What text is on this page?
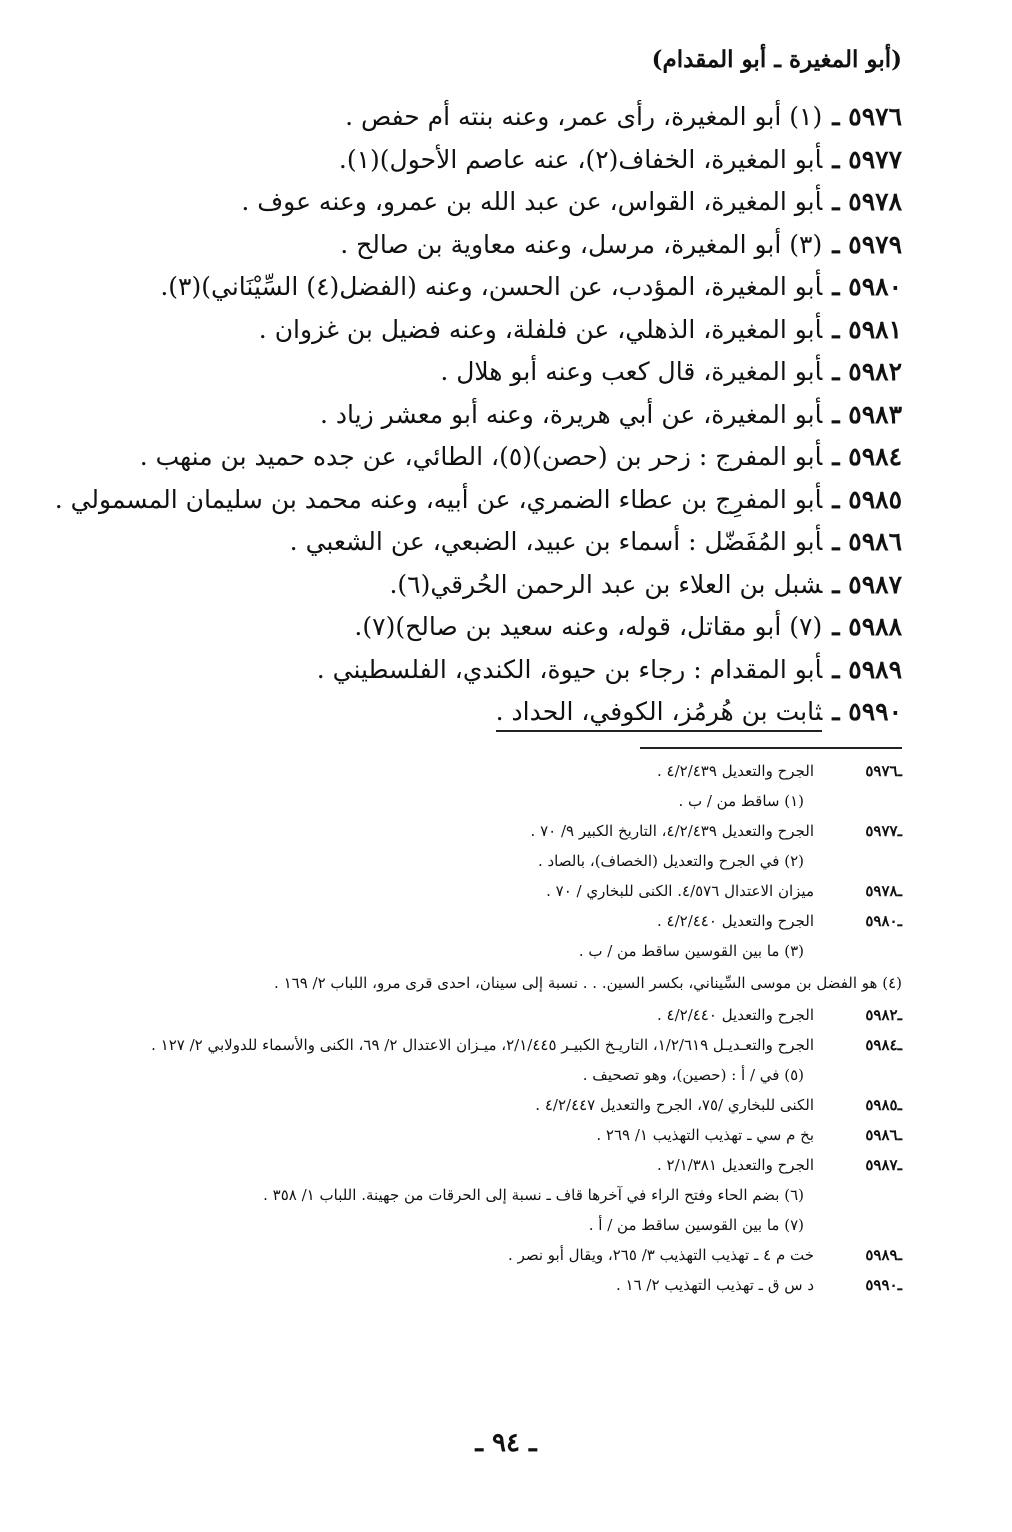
(أبو المغيرة ـ أبو المقدام)
٥٩٧٦ ـ(١) أبو المغيرة، رأى عمر، وعنه بنته أم حفص .
٥٩٧٧ ـأبو المغيرة، الخفاف(٢)، عنه عاصم الأحول)(١).
٥٩٧٨ ـأبو المغيرة، القواس، عن عبد الله بن عمرو، وعنه عوف .
٥٩٧٩ ـ(٣) أبو المغيرة، مرسل، وعنه معاوية بن صالح .
٥٩٨٠ ـأبو المغيرة، المؤدب، عن الحسن، وعنه (الفضل(٤) السِّيْنَاني)(٣).
٥٩٨١ ـأبو المغيرة، الذهلي، عن فلفلة، وعنه فضيل بن غزوان .
٥٩٨٢ ـأبو المغيرة، قال كعب وعنه أبو هلال .
٥٩٨٣ ـأبو المغيرة، عن أبي هريرة، وعنه أبو معشر زياد .
٥٩٨٤ ـأبو المفرج : زحر بن (حصن)(٥)، الطائي، عن جده حميد بن منهب .
٥٩٨٥ ـأبو المفرِج بن عطاء الضمري، عن أبيه، وعنه محمد بن سليمان المسمولي .
٥٩٨٦ ـأبو المُفَضّل : أسماء بن عبيد، الضبعي، عن الشعبي .
٥٩٨٧ ـشبل بن العلاء بن عبد الرحمن الحُرقي(٦).
٥٩٨٨ ـ(٧) أبو مقاتل، قوله، وعنه سعيد بن صالح)(٧).
٥٩٨٩ ـأبو المقدام : رجاء بن حيوة، الكندي، الفلسطيني .
٥٩٩٠ ـثابت بن هُرمُز، الكوفي، الحداد .
ـ٥٩٧٦
الجرح والتعديل ٤/٢/٤٣٩ .
(١) ساقط من / ب .
ـ٥٩٧٧
الجرح والتعديل ٤/٢/٤٣٩، التاريخ الكبير ٩/ ٧٠ .
(٢) في الجرح والتعديل (الخصاف)، بالصاد .
ـ٥٩٧٨
ميزان الاعتدال ٤/٥٧٦. الكنى للبخاري / ٧٠ .
ـ٥٩٨٠
الجرح والتعديل ٤/٢/٤٤٠ .
(٣) ما بين القوسين ساقط من / ب .
(٤) هو الفضل بن موسى السِّيناني، بكسر السين. . . نسبة إلى سينان، احدى قرى مرو، اللباب ٢/ ١٦٩ .
ـ٥٩٨٢
الجرح والتعديل ٤/٢/٤٤٠ .
ـ٥٩٨٤
الجرح والتعـديـل ١/٢/٦١٩، التاريـخ الكبيـر ٢/١/٤٤٥، ميـزان الاعتدال ٢/ ٦٩، الكنى والأسماء للدولابي ٢/ ١٢٧ .
(٥) في / أ : (حصين)، وهو تصحيف .
ـ٥٩٨٥
الكنى للبخاري /٧٥، الجرح والتعديل ٤/٢/٤٤٧ .
ـ٥٩٨٦
بخ م سي ـ تهذيب التهذيب ١/ ٢٦٩ .
ـ٥٩٨٧
الجرح والتعديل ٢/١/٣٨١ .
(٦) بضم الحاء وفتح الراء في آخرها قاف ـ نسبة إلى الحرقات من جهينة. اللباب ١/ ٣٥٨ .
(٧) ما بين القوسين ساقط من / أ .
ـ٥٩٨٩
خت م ٤ ـ تهذيب التهذيب ٣/ ٢٦٥، ويقال أبو نصر .
ـ٥٩٩٠
د س ق ـ تهذيب التهذيب ٢/ ١٦ .
ـ ٩٤ ـ
